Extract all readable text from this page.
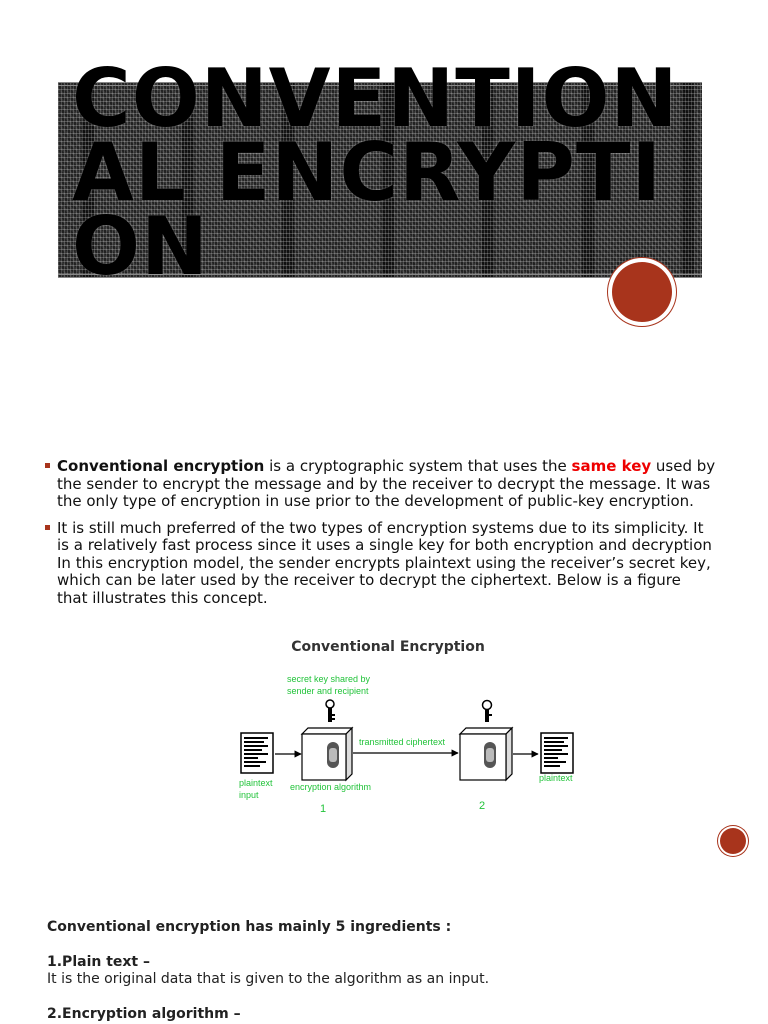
CONVENTIONAL ENCRYPTION
Conventional encryption is a cryptographic system that uses the same key used by the sender to encrypt the message and by the receiver to decrypt the message. It was the only type of encryption in use prior to the development of public-key encryption.
It is still much preferred of the two types of encryption systems due to its simplicity. It is a relatively fast process since it uses a single key for both encryption and decryption In this encryption model, the sender encrypts plaintext using the receiver’s secret key, which can be later used by the receiver to decrypt the ciphertext. Below is a figure that illustrates this concept.
Conventional Encryption
secret key shared by
sender and recipient
transmitted ciphertext
plaintext
input
encryption algorithm
plaintext
1	2

Conventional encryption has mainly 5 ingredients :

1.Plain text –

It is the original data that is given to the algorithm as an input.

2.Encryption algorithm –
